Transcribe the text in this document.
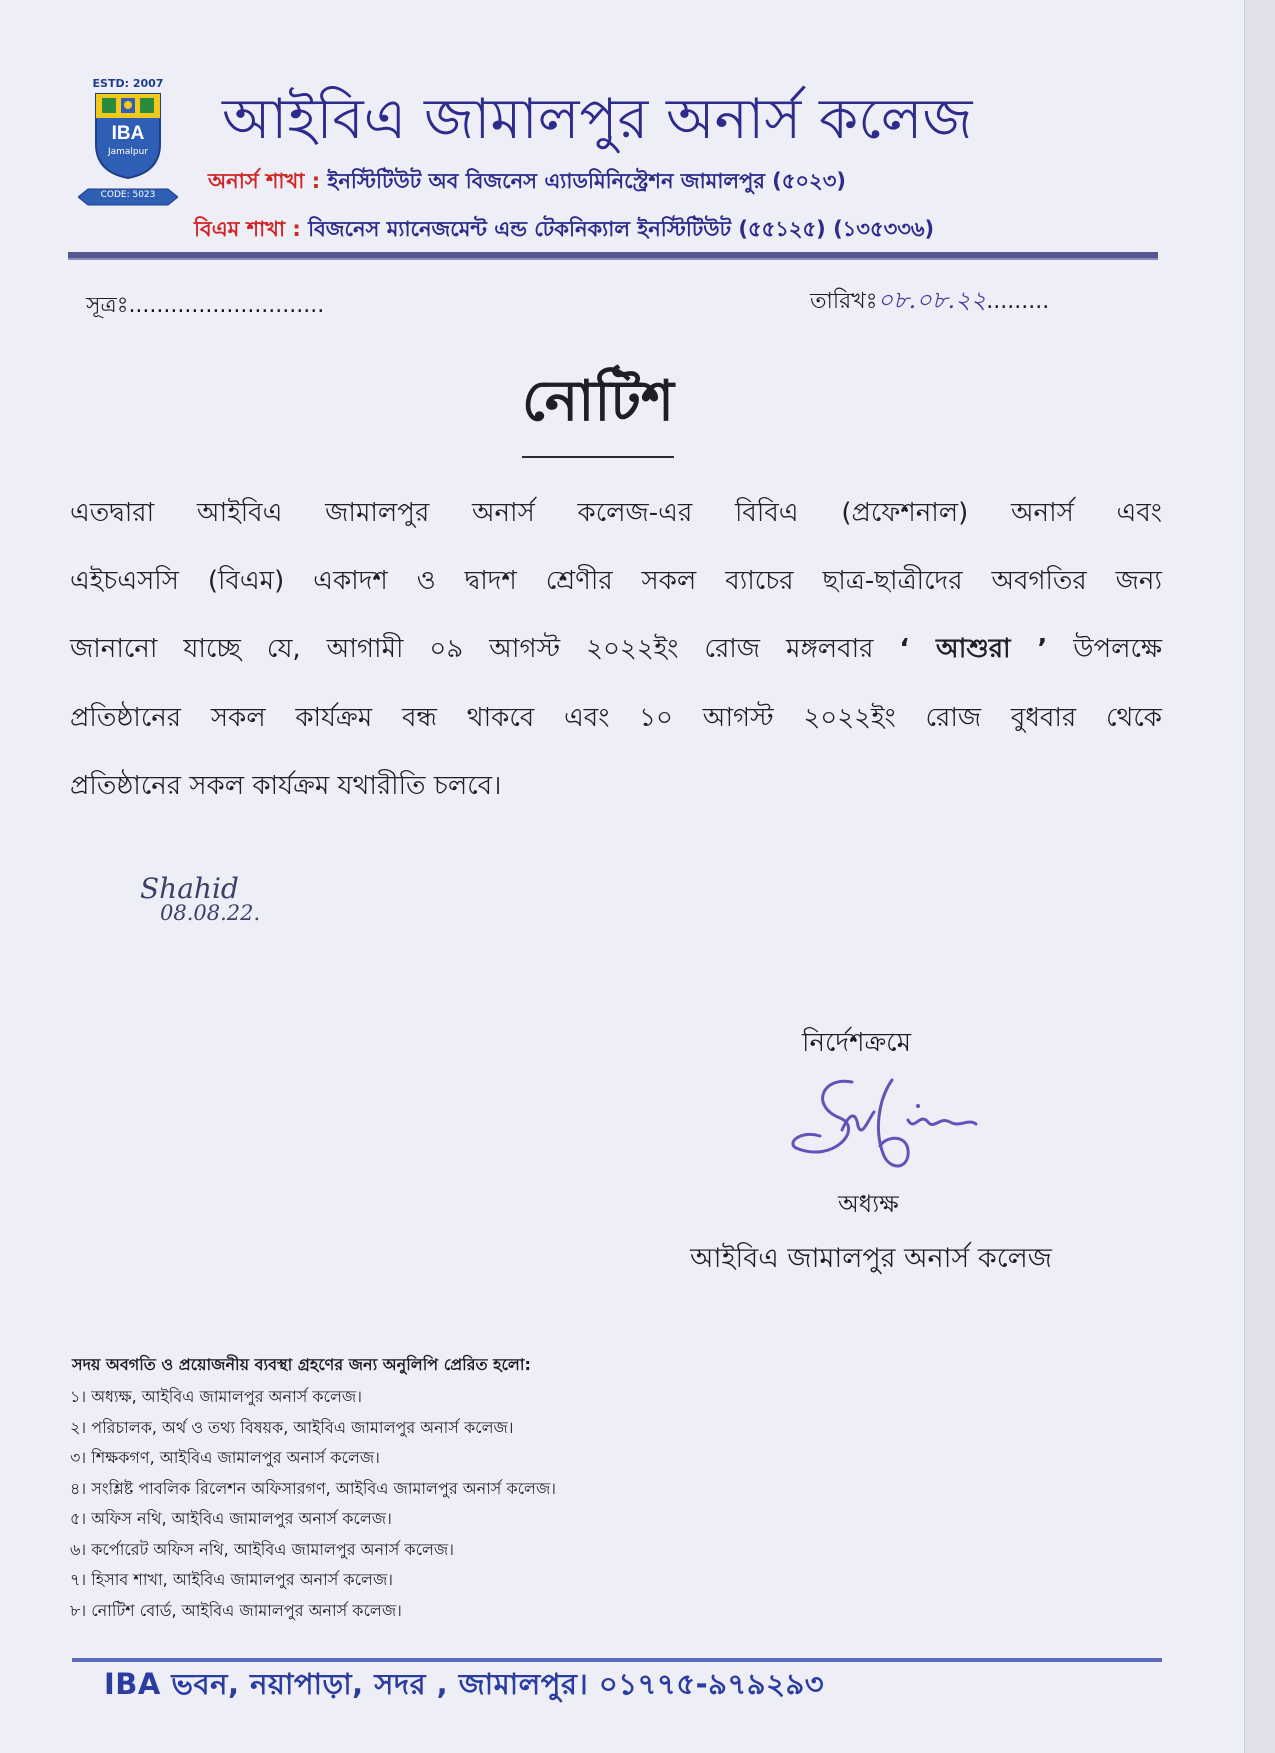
ESTD: 2007
IBA
Jamalpur
CODE: 5023
আইবিএ জামালপুর অনার্স কলেজ
অনার্স শাখা : ইনস্টিটিউট অব বিজনেস এ্যাডমিনিস্ট্রেশন জামালপুর (৫০২৩)
বিএম শাখা : বিজনেস ম্যানেজমেন্ট এন্ড টেকনিক্যাল ইনস্টিটিউট (৫৫১২৫) (১৩৫৩৩৬)
সূত্রঃ............................	তারিখঃ০৮.০৮.২২.........
নোটিশ
এতদ্বারা আইবিএ জামালপুর অনার্স কলেজ-এর বিবিএ (প্রফেশনাল) অনার্স এবং
এইচএসসি (বিএম) একাদশ ও দ্বাদশ শ্রেণীর সকল ব্যাচের ছাত্র-ছাত্রীদের অবগতির জন্য
জানানো যাচ্ছে যে, আগামী ০৯ আগস্ট ২০২২ইং রোজ মঙ্গলবার ‘ আশুরা ’ উপলক্ষে
প্রতিষ্ঠানের সকল কার্যক্রম বন্ধ থাকবে এবং ১০ আগস্ট ২০২২ইং রোজ বুধবার থেকে
প্রতিষ্ঠানের সকল কার্যক্রম যথারীতি চলবে।
Shahid
08.08.22.
নির্দেশক্রমে
অধ্যক্ষ
আইবিএ জামালপুর অনার্স কলেজ
সদয় অবগতি ও প্রয়োজনীয় ব্যবস্থা গ্রহণের জন্য অনুলিপি প্রেরিত হলো:
১। অধ্যক্ষ, আইবিএ জামালপুর অনার্স কলেজ।
২। পরিচালক, অর্থ ও তথ্য বিষয়ক, আইবিএ জামালপুর অনার্স কলেজ।
৩। শিক্ষকগণ, আইবিএ জামালপুর অনার্স কলেজ।
৪। সংশ্লিষ্ট পাবলিক রিলেশন অফিসারগণ, আইবিএ জামালপুর অনার্স কলেজ।
৫। অফিস নথি, আইবিএ জামালপুর অনার্স কলেজ।
৬। কর্পোরেট অফিস নথি, আইবিএ জামালপুর অনার্স কলেজ।
৭। হিসাব শাখা, আইবিএ জামালপুর অনার্স কলেজ।
৮। নোটিশ বোর্ড, আইবিএ জামালপুর অনার্স কলেজ।
IBA ভবন, নয়াপাড়া, সদর , জামালপুর। ০১৭৭৫-৯৭৯২৯৩
